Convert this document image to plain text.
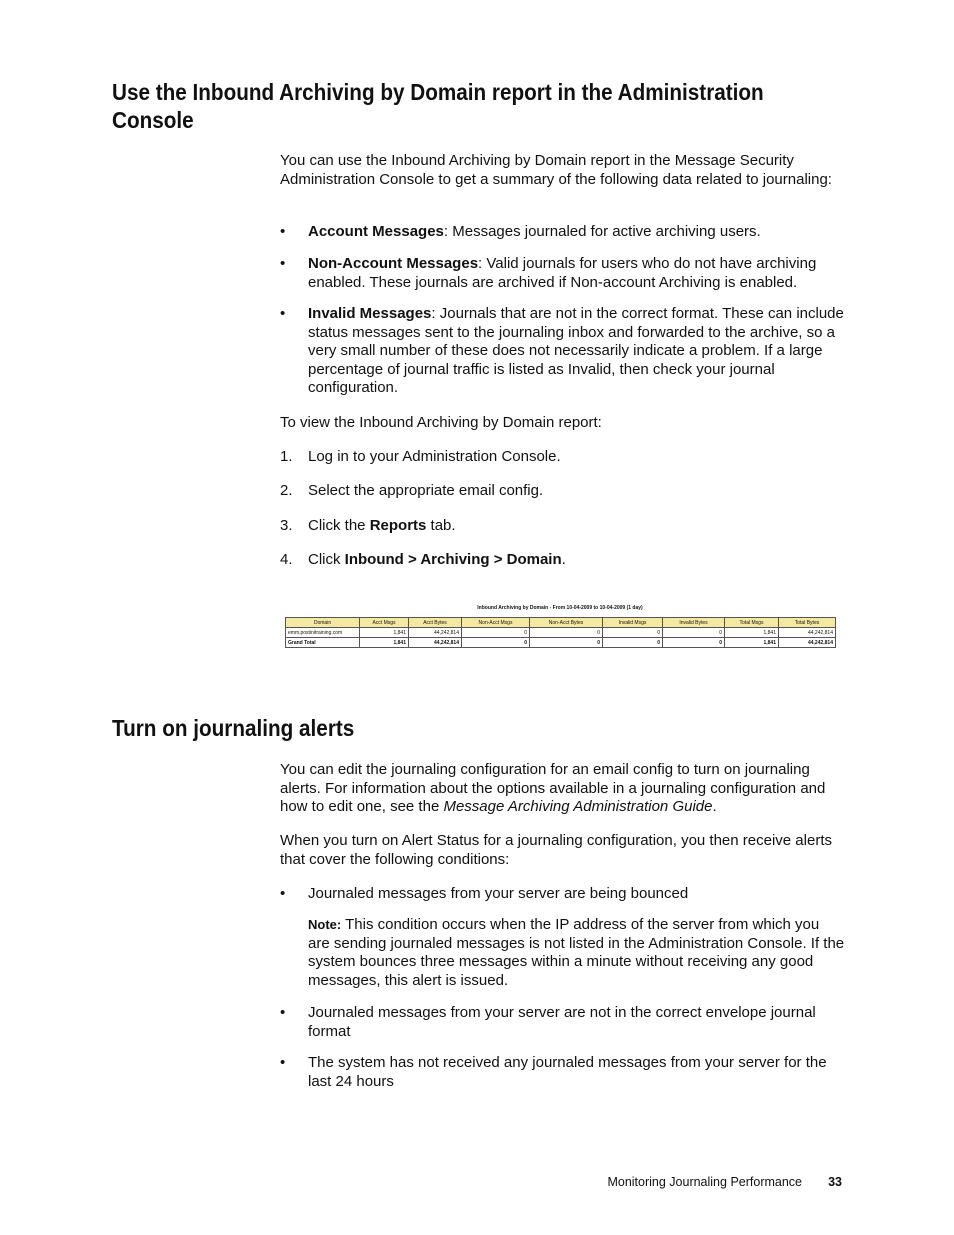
Use the Inbound Archiving by Domain report in the Administration Console

You can use the Inbound Archiving by Domain report in the Message Security Administration Console to get a summary of the following data related to journaling:

• Account Messages: Messages journaled for active archiving users.
• Non-Account Messages: Valid journals for users who do not have archiving enabled. These journals are archived if Non-account Archiving is enabled.
• Invalid Messages: Journals that are not in the correct format. These can include status messages sent to the journaling inbox and forwarded to the archive, so a very small number of these does not necessarily indicate a problem. If a large percentage of journal traffic is listed as Invalid, then check your journal configuration.

To view the Inbound Archiving by Domain report:

1. Log in to your Administration Console.
2. Select the appropriate email config.
3. Click the Reports tab.
4. Click Inbound > Archiving > Domain.
Inbound Archiving by Domain - From 10-04-2009 to 10-04-2009 (1 day)
Domain	Acct Msgs	Acct Bytes	Non-Acct Msgs	Non-Acct Bytes	Invalid Msgs	Invalid Bytes	Total Msgs	Total Bytes
emm.postinitraining.com	1,841	44,242,814	0	0	0	0	1,841	44,242,814
Grand Total	1,841	44,242,814	0	0	0	0	1,841	44,242,814
Turn on journaling alerts

You can edit the journaling configuration for an email config to turn on journaling alerts. For information about the options available in a journaling configuration and how to edit one, see the Message Archiving Administration Guide.

When you turn on Alert Status for a journaling configuration, you then receive alerts that cover the following conditions:

• Journaled messages from your server are being bounced

Note: This condition occurs when the IP address of the server from which you are sending journaled messages is not listed in the Administration Console. If the system bounces three messages within a minute without receiving any good messages, this alert is issued.

• Journaled messages from your server are not in the correct envelope journal format
• The system has not received any journaled messages from your server for the last 24 hours
Monitoring Journaling Performance 33
